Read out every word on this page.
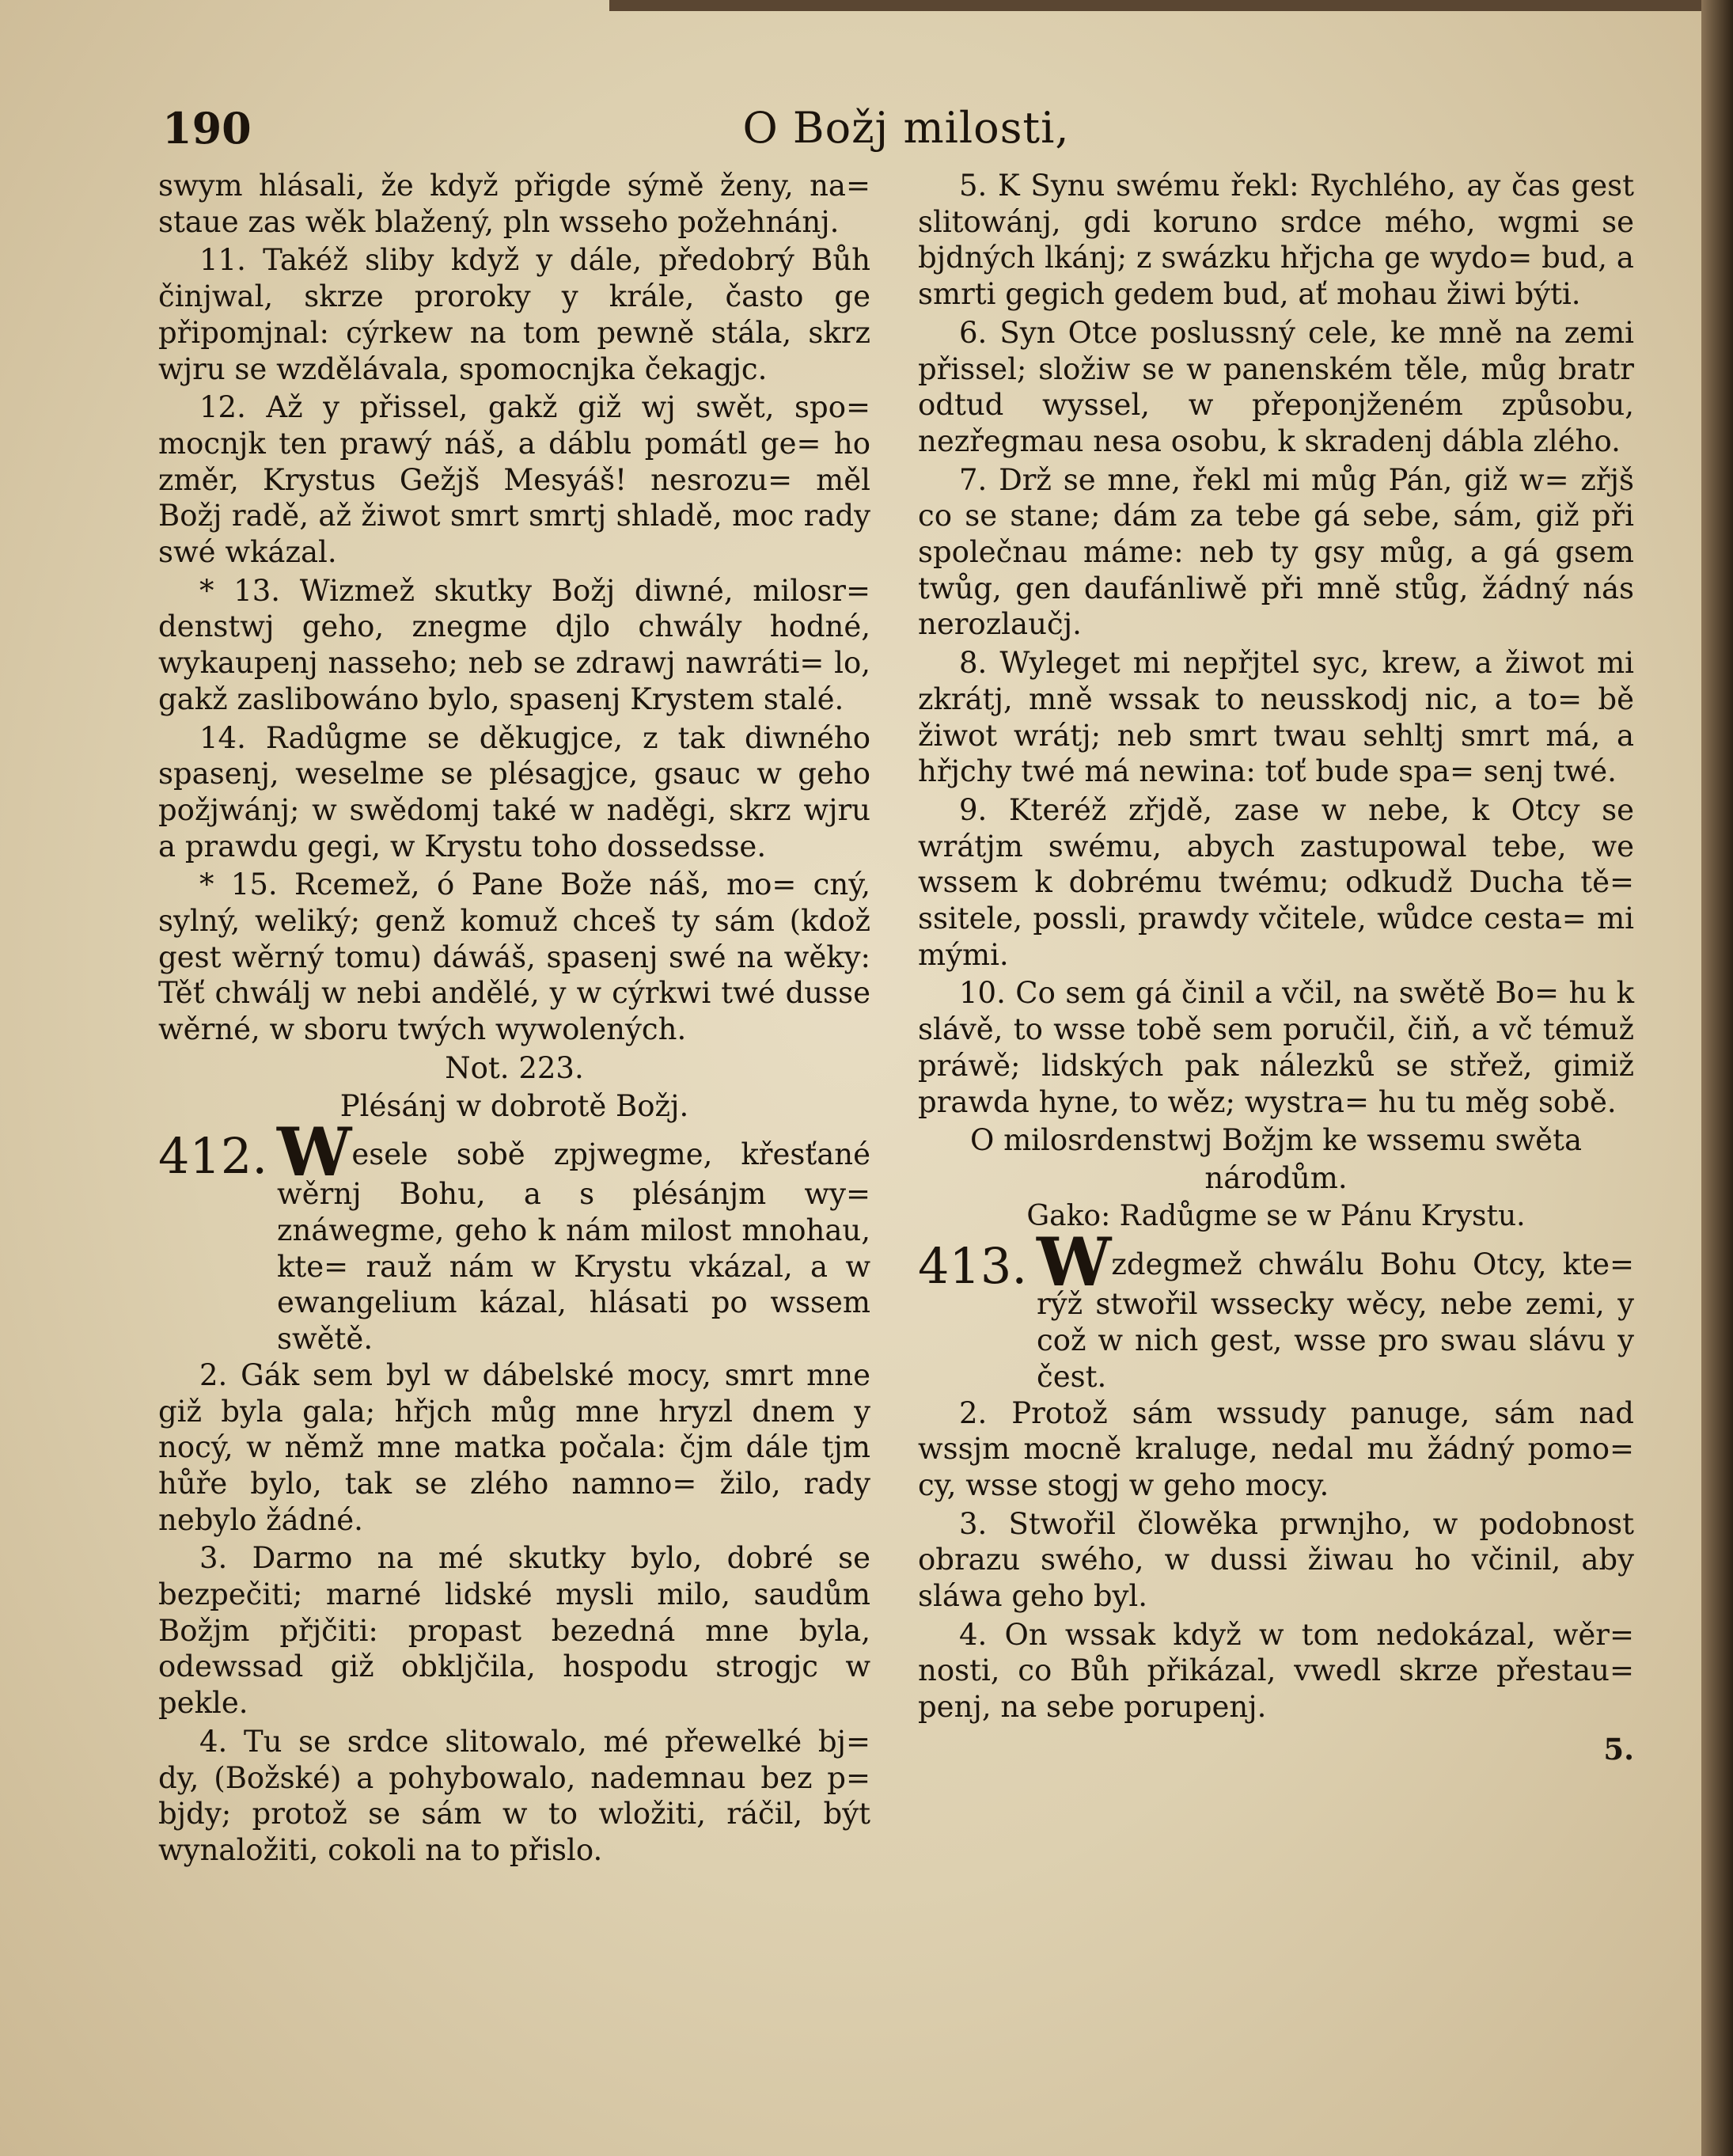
190	O Božj milosti,

swym hlásali, že když přigde sýmě ženy, na= staue zas wěk blažený, pln wsseho požehnánj.

11. Takéž sliby když y dále, předobrý Bůh činjwal, skrze proroky y krále, často ge připomjnal: cýrkew na tom pewně stála, skrz wjru se wzdělávala, spomocnjka čekagjc.

12. Až y přissel, gakž giž wj swět, spo= mocnjk ten prawý náš, a dáblu pomátl ge= ho změr, Krystus Gežjš Mesyáš! nesrozu= měl Božj radě, až žiwot smrt smrtj shladě, moc rady swé wkázal.

* 13. Wizmež skutky Božj diwné, milosr= denstwj geho, znegme djlo chwály hodné, wykaupenj nasseho; neb se zdrawj nawráti= lo, gakž zaslibowáno bylo, spasenj Krystem stalé.

14. Radůgme se děkugjce, z tak diwného spasenj, weselme se plésagjce, gsauc w geho požjwánj; w swědomj také w naděgi, skrz wjru a prawdu gegi, w Krystu toho dossedsse.

* 15. Rcemež, ó Pane Bože náš, mo= cný, sylný, weliký; genž komuž chceš ty sám (kdož gest wěrný tomu) dáwáš, spasenj swé na wěky: Těť chwálj w nebi andělé, y w cýrkwi twé dusse wěrné, w sboru twých wywolených.

Not. 223.
Plésánj w dobrotě Božj.
412. Wesele sobě zpjwegme, křesťané wěrnj Bohu, a s plésánjm wy= znáwegme, geho k nám milost mnohau, kte= rauž nám w Krystu vkázal, a w ewangelium kázal, hlásati po wssem swětě.

2. Gák sem byl w dábelské mocy, smrt mne giž byla gala; hřjch můg mne hryzl dnem y nocý, w němž mne matka počala: čjm dále tjm hůře bylo, tak se zlého namno= žilo, rady nebylo žádné.

3. Darmo na mé skutky bylo, dobré se bezpečiti; marné lidské mysli milo, saudům Božjm přjčiti: propast bezedná mne byla, odewssad giž obkljčila, hospodu strogjc w pekle.

4. Tu se srdce slitowalo, mé přewelké bj= dy, (Božské) a pohybowalo, nademnau bez p= bjdy; protož se sám w to wložiti, ráčil, být wynaložiti, cokoli na to přislo.

5. K Synu swému řekl: Rychlého, ay čas gest slitowánj, gdi koruno srdce mého, wgmi se bjdných lkánj; z swázku hřjcha ge wydo= bud, a smrti gegich gedem bud, ať mohau žiwi býti.

6. Syn Otce poslussný cele, ke mně na zemi přissel; složiw se w panenském těle, můg bratr odtud wyssel, w přeponjženém způsobu, nezřegmau nesa osobu, k skradenj dábla zlého.

7. Drž se mne, řekl mi můg Pán, giž w= zřjš co se stane; dám za tebe gá sebe, sám, giž při společnau máme: neb ty gsy můg, a gá gsem twůg, gen daufánliwě při mně stůg, žádný nás nerozlaučj.

8. Wyleget mi nepřjtel syc, krew, a žiwot mi zkrátj, mně wssak to neusskodj nic, a to= bě žiwot wrátj; neb smrt twau sehltj smrt má, a hřjchy twé má newina: toť bude spa= senj twé.

9. Kteréž zřjdě, zase w nebe, k Otcy se wrátjm swému, abych zastupowal tebe, we wssem k dobrému twému; odkudž Ducha tě= ssitele, possli, prawdy včitele, wůdce cesta= mi mými.

10. Co sem gá činil a včil, na swětě Bo= hu k slávě, to wsse tobě sem poručil, čiň, a vč témuž práwě; lidských pak nálezků se střež, gimiž prawda hyne, to wěz; wystra= hu tu měg sobě.

O milosrdenstwj Božjm ke wssemu swěta
národům.
Gako: Radůgme se w Pánu Krystu.
413. Wzdegmež chwálu Bohu Otcy, kte= rýž stwořil wssecky wěcy, nebe zemi, y což w nich gest, wsse pro swau slávu y čest.

2. Protož sám wssudy panuge, sám nad wssjm mocně kraluge, nedal mu žádný pomo= cy, wsse stogj w geho mocy.

3. Stwořil člowěka prwnjho, w podobnost obrazu swého, w dussi žiwau ho včinil, aby sláwa geho byl.

4. On wssak když w tom nedokázal, wěr= nosti, co Bůh přikázal, vwedl skrze přestau= penj, na sebe porupenj.

5.
